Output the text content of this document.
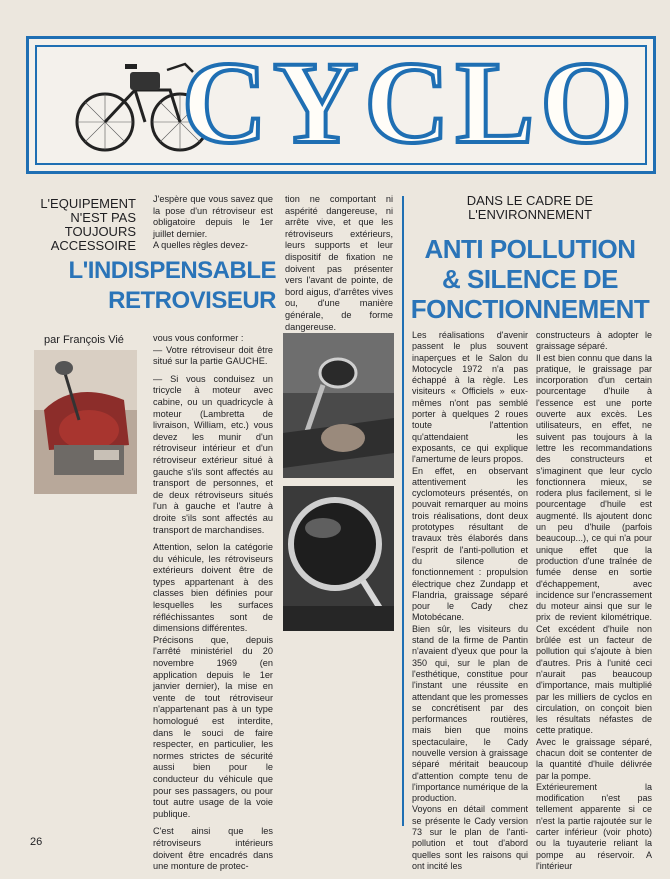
CYCLO
L'EQUIPEMENT N'EST PAS TOUJOURS ACCESSOIRE
L'INDISPENSABLE
RETROVISEUR
J'espère que vous savez que la pose d'un rétroviseur est obligatoire depuis le 1er juillet dernier.
A quelles règles devez-
tion ne comportant ni aspérité dangereuse, ni arrête vive, et que les rétroviseurs extérieurs, leurs supports et leur dispositif de fixation ne doivent pas présenter vers l'avant de pointe, de bord aigus, d'arrêtes vives ou, d'une manière générale, de forme dangereuse.
par François Vié	vous vous conformer :
— Votre rétroviseur doit être situé sur la partie GAUCHE.

— Si vous conduisez un tricycle à moteur avec cabine, ou un quadricycle à moteur (Lambretta de livraison, William, etc.) vous devez les munir d'un rétroviseur intérieur et d'un rétroviseur extérieur situé à gauche s'ils sont affectés au transport de personnes, et de deux rétroviseurs situés l'un à gauche et l'autre à droite s'ils sont affectés au transport de marchandises.

Attention, selon la catégorie du véhicule, les rétroviseurs extérieurs doivent être de types appartenant à des classes bien définies pour lesquelles les surfaces réfléchissantes sont de dimensions différentes.
Précisons que, depuis l'arrêté ministériel du 20 novembre 1969 (en application depuis le 1er janvier dernier), la mise en vente de tout rétroviseur n'appartenant pas à un type homologué est interdite, dans le souci de faire respecter, en particulier, les normes strictes de sécurité aussi bien pour le conducteur du véhicule que pour ses passagers, ou pour tout autre usage de la voie publique.

C'est ainsi que les rétroviseurs intérieurs doivent être encadrés dans une monture de protec-

DANS LE CADRE DE L'ENVIRONNEMENT
ANTI POLLUTION
& SILENCE DE
FONCTIONNEMENT
Les réalisations d'avenir passent le plus souvent inaperçues et le Salon du Motocycle 1972 n'a pas échappé à la règle. Les visiteurs « Officiels » eux-mêmes n'ont pas semblé porter à quelques 2 roues toute l'attention qu'attendaient les exposants, ce qui explique l'amertume de leurs propos.
En effet, en observant attentivement les cyclomoteurs présentés, on pouvait remarquer au moins trois réalisations, dont deux prototypes résultant de travaux très élaborés dans l'esprit de l'anti-pollution et du silence de fonctionnement : propulsion électrique chez Zundapp et Flandria, graissage séparé pour le Cady chez Motobécane.
Bien sûr, les visiteurs du stand de la firme de Pantin n'avaient d'yeux que pour la 350 qui, sur le plan de l'esthétique, constitue pour l'instant une réussite en attendant que les promesses se concrétisent par des performances routières, mais bien que moins spectaculaire, le Cady nouvelle version à graissage séparé méritait beaucoup d'attention compte tenu de l'importance numérique de la production.
Voyons en détail comment se présente le Cady version 73 sur le plan de l'anti-pollution et tout d'abord quelles sont les raisons qui ont incité les
constructeurs à adopter le graissage séparé.
Il est bien connu que dans la pratique, le graissage par incorporation d'un certain pourcentage d'huile à l'essence est une porte ouverte aux excès. Les utilisateurs, en effet, ne suivent pas toujours à la lettre les recommandations des constructeurs et s'imaginent que leur cyclo fonctionnera mieux, se rodera plus facilement, si le pourcentage d'huile est augmenté. Ils ajoutent donc un peu d'huile (parfois beaucoup...), ce qui n'a pour unique effet que la production d'une traînée de fumée dense en sortie d'échappement, avec incidence sur l'encrassement du moteur ainsi que sur le prix de revient kilométrique. Cet excédent d'huile non brûlée est un facteur de pollution qui s'ajoute à bien d'autres. Pris à l'unité ceci n'aurait pas beaucoup d'importance, mais multiplié par les milliers de cyclos en circulation, on conçoit bien les résultats néfastes de cette pratique.
Avec le graissage séparé, chacun doit se contenter de la quantité d'huile délivrée par la pompe.
Extérieurement la modification n'est pas tellement apparente si ce n'est la partie rajoutée sur le carter inférieur (voir photo) ou la tuyauterie reliant la pompe au réservoir. A l'intérieur
26
